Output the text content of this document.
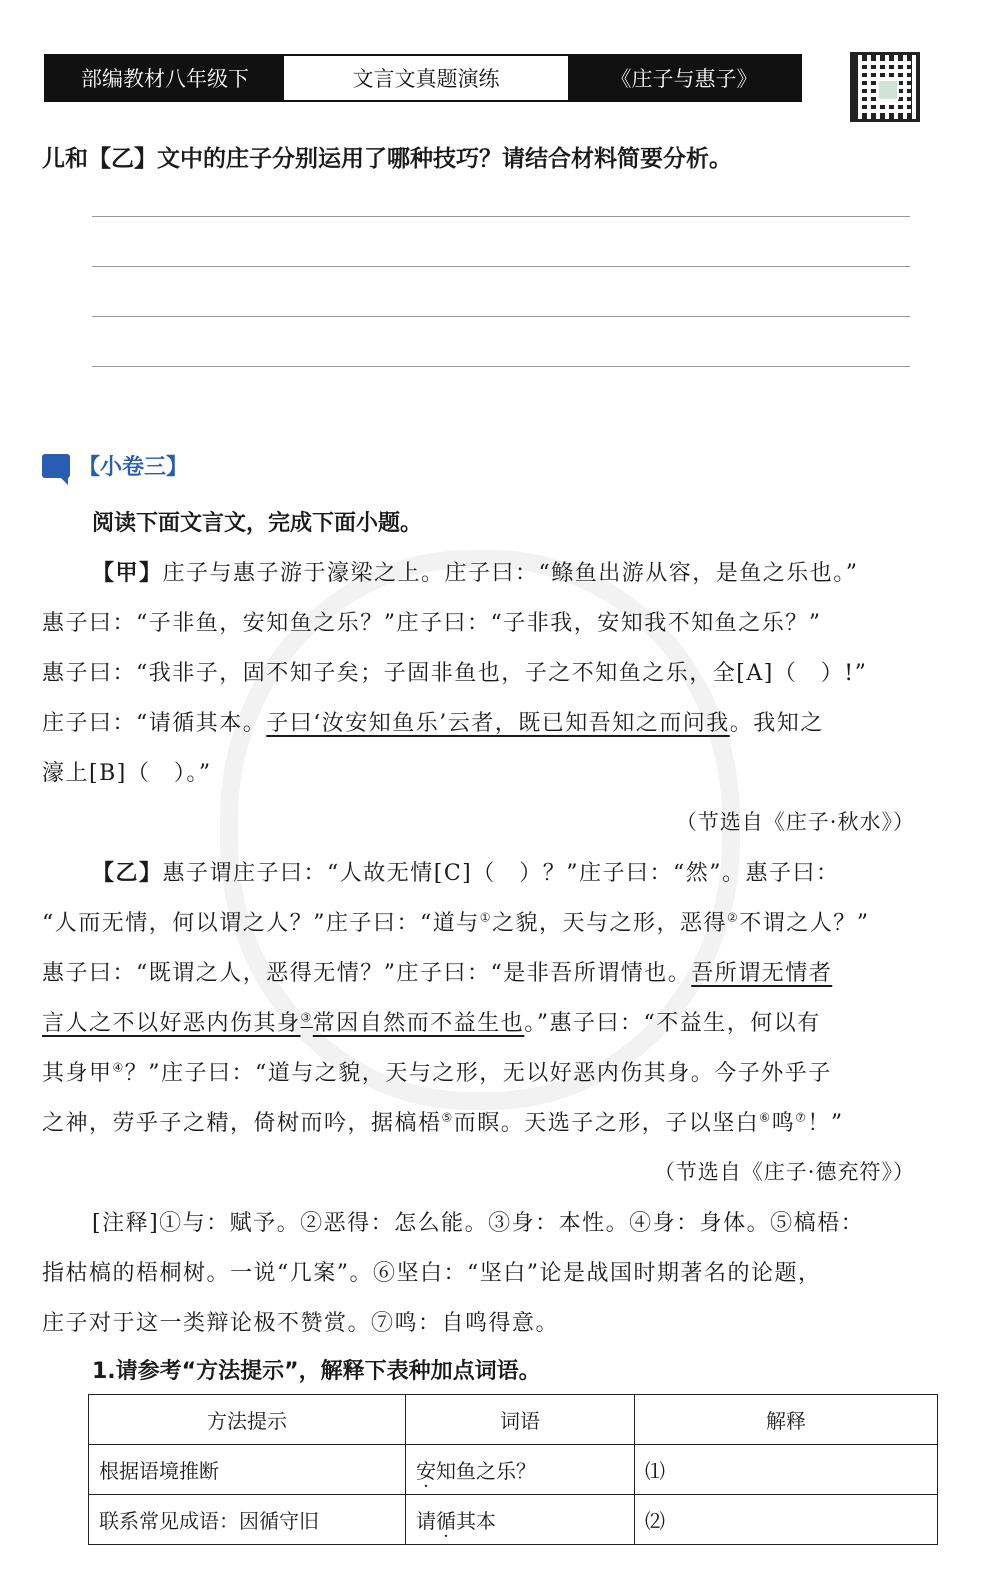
部编教材八年级下	文言文真题演练	《庄子与惠子》
儿和【乙】文中的庄子分别运用了哪种技巧？请结合材料简要分析。
【小卷三】
阅读下面文言文，完成下面小题。
【甲】庄子与惠子游于濠梁之上。庄子曰：“鲦鱼出游从容，是鱼之乐也。”
惠子曰：“子非鱼，安知鱼之乐？”庄子曰：“子非我，安知我不知鱼之乐？”
惠子曰：“我非子，固不知子矣；子固非鱼也，子之不知鱼之乐，全[A]（　）!”
庄子曰：“请循其本。子曰‘汝安知鱼乐’云者，既已知吾知之而问我。我知之
濠上[B]（　）。”
（节选自《庄子·秋水》）
【乙】惠子谓庄子曰：“人故无情[C]（　）？”庄子曰：“然”。惠子曰：
“人而无情，何以谓之人？”庄子曰：“道与①之貌，天与之形，恶得②不谓之人？”
惠子曰：“既谓之人，恶得无情？”庄子曰：“是非吾所谓情也。吾所谓无情者
言人之不以好恶内伤其身③常因自然而不益生也。”惠子曰：“不益生，何以有
其身甲④？”庄子曰：“道与之貌，天与之形，无以好恶内伤其身。今子外乎子
之神，劳乎子之精，倚树而吟，据槁梧⑤而瞑。天选子之形，子以坚白⑥鸣⑦！”
（节选自《庄子·德充符》）
[注释]①与：赋予。②恶得：怎么能。③身：本性。④身：身体。⑤槁梧：
指枯槁的梧桐树。一说“几案”。⑥坚白：“坚白”论是战国时期著名的论题，
庄子对于这一类辩论极不赞赏。⑦鸣：自鸣得意。
1.请参考“方法提示”，解释下表种加点词语。
方法提示	词语	解释
根据语境推断	安知鱼之乐？	⑴
联系常见成语：因循守旧	请循其本	⑵
